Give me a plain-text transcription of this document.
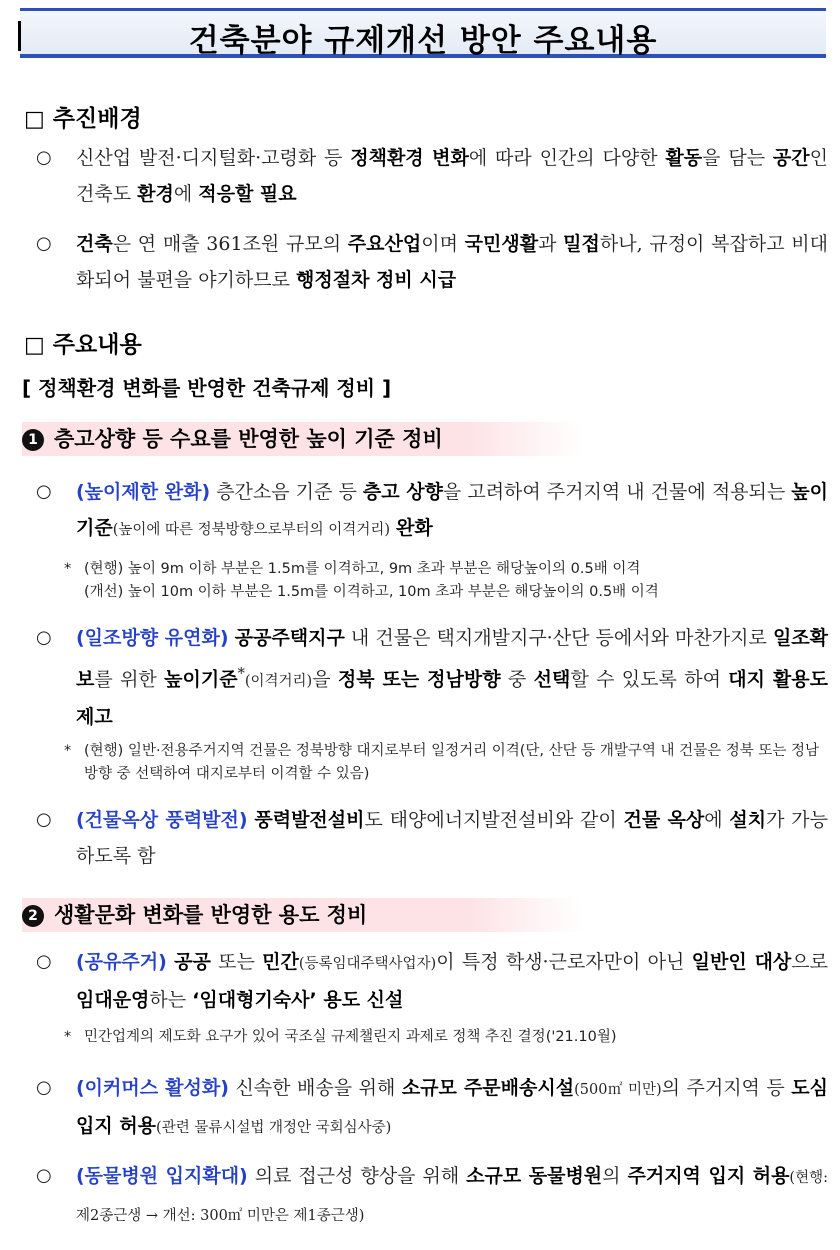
건축분야 규제개선 방안 주요내용
□ 추진배경
○ 신산업 발전·디지털화·고령화 등 정책환경 변화에 따라 인간의 다양한 활동을 담는 공간인 건축도 환경에 적응할 필요
○ 건축은 연 매출 361조원 규모의 주요산업이며 국민생활과 밀접하나, 규정이 복잡하고 비대화되어 불편을 야기하므로 행정절차 정비 시급
□ 주요내용
[ 정책환경 변화를 반영한 건축규제 정비 ]
1 층고상향 등 수요를 반영한 높이 기준 정비
○ (높이제한 완화) 층간소음 기준 등 층고 상향을 고려하여 주거지역 내 건물에 적용되는 높이기준(높이에 따른 정북방향으로부터의 이격거리) 완화
* (현행) 높이 9m 이하 부분은 1.5m를 이격하고, 9m 초과 부분은 해당높이의 0.5배 이격
(개선) 높이 10m 이하 부분은 1.5m를 이격하고, 10m 초과 부분은 해당높이의 0.5배 이격
○ (일조방향 유연화) 공공주택지구 내 건물은 택지개발지구·산단 등에서와 마찬가지로 일조확보를 위한 높이기준*(이격거리)을 정북 또는 정남방향 중 선택할 수 있도록 하여 대지 활용도 제고
* (현행) 일반·전용주거지역 건물은 정북방향 대지로부터 일정거리 이격(단, 산단 등 개발구역 내 건물은 정북 또는 정남방향 중 선택하여 대지로부터 이격할 수 있음)
○ (건물옥상 풍력발전) 풍력발전설비도 태양에너지발전설비와 같이 건물 옥상에 설치가 가능하도록 함
2 생활문화 변화를 반영한 용도 정비
○ (공유주거) 공공 또는 민간(등록임대주택사업자)이 특정 학생·근로자만이 아닌 일반인 대상으로 임대운영하는 ‘임대형기숙사’ 용도 신설
* 민간업계의 제도화 요구가 있어 국조실 규제챌린지 과제로 정책 추진 결정('21.10월)
○ (이커머스 활성화) 신속한 배송을 위해 소규모 주문배송시설(500㎡ 미만)의 주거지역 등 도심 입지 허용(관련 물류시설법 개정안 국회심사중)
○ (동물병원 입지확대) 의료 접근성 향상을 위해 소규모 동물병원의 주거지역 입지 허용(현행: 제2종근생 → 개선: 300㎡ 미만은 제1종근생)
